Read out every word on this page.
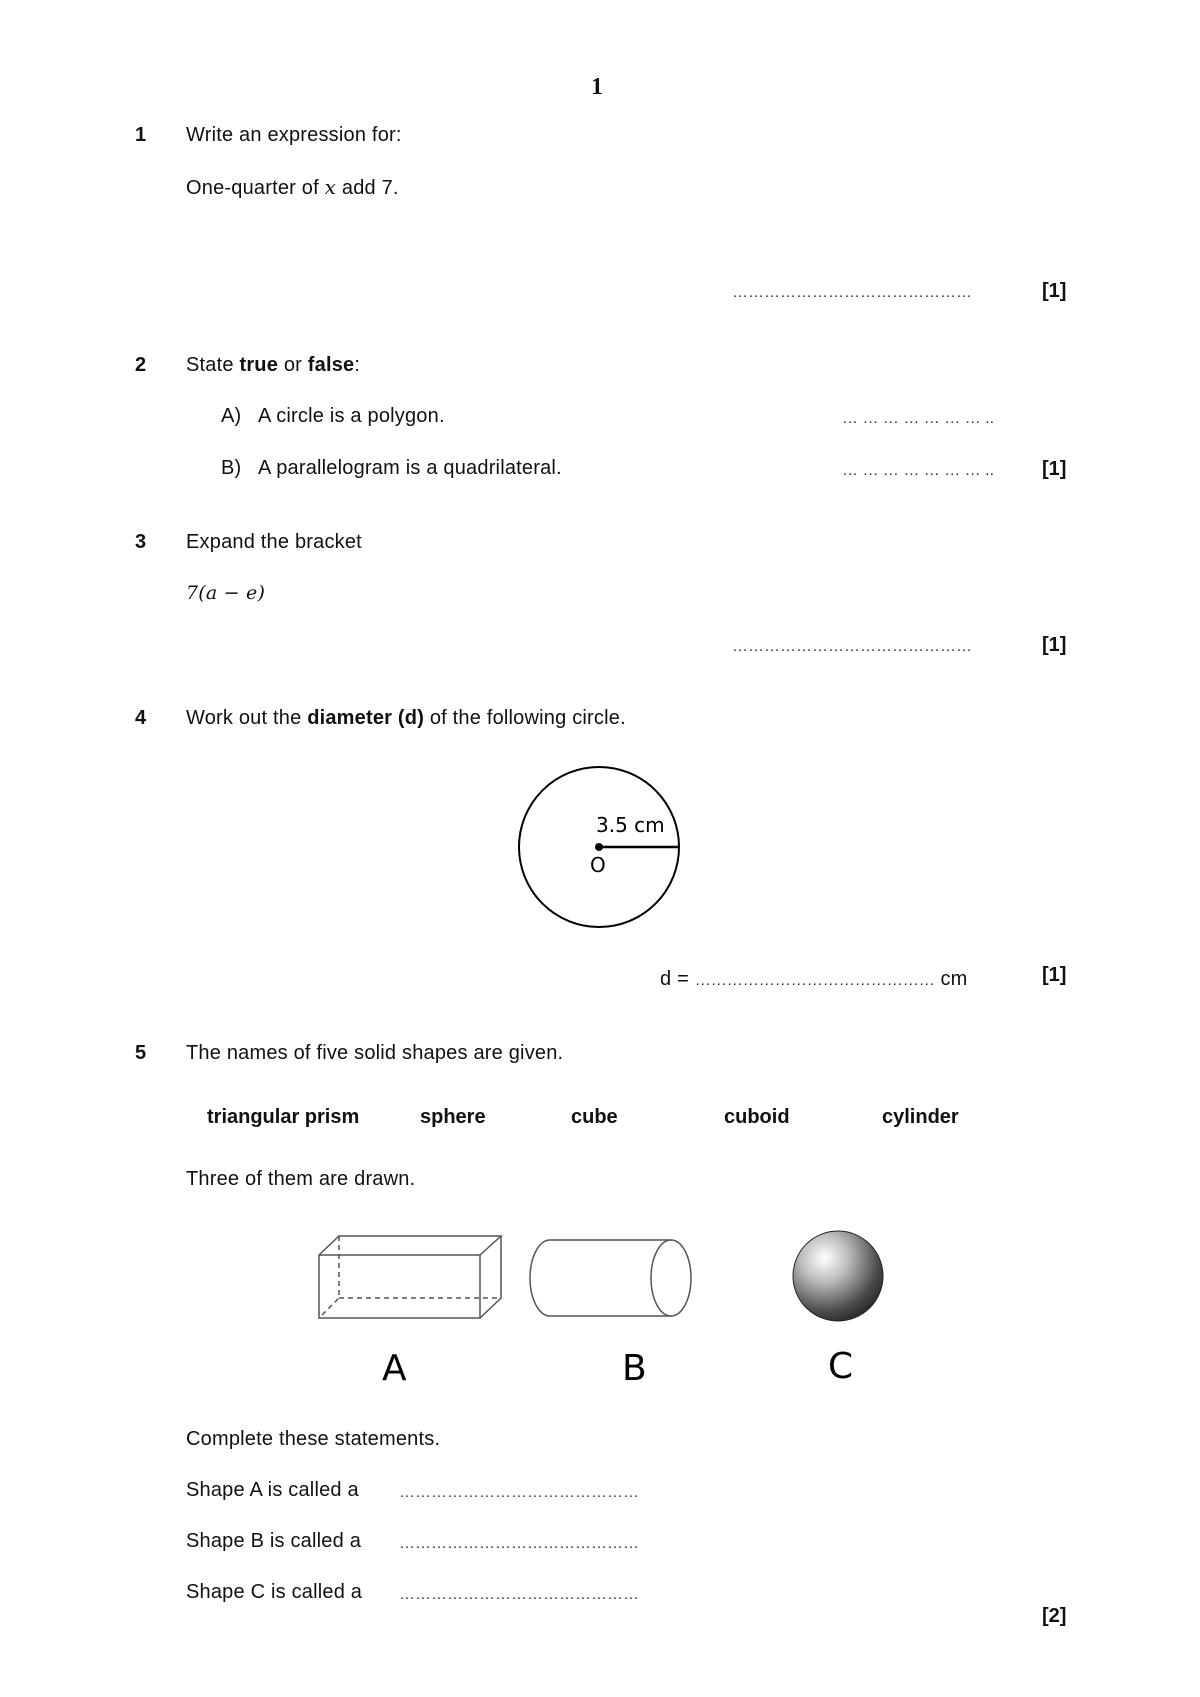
1
1 Write an expression for:
One-quarter of x add 7.
………………………………………	[1]
2 State true or false:
A) A circle is a polygon.	… … … … … … … ..
B) A parallelogram is a quadrilateral.	… … … … … … … .. [1]
3 Expand the bracket
7(a − e)
………………………………………	[1]
4 Work out the diameter (d) of the following circle.
3.5 cm
O
d = ……………………………………… cm	[1]
5 The names of five solid shapes are given.
triangular prism	sphere	cube	cuboid	cylinder
Three of them are drawn.
A	B	C
Complete these statements.
Shape A is called a	………………………………………
Shape B is called a ………………………………………
Shape C is called a ………………………………………
[2]
